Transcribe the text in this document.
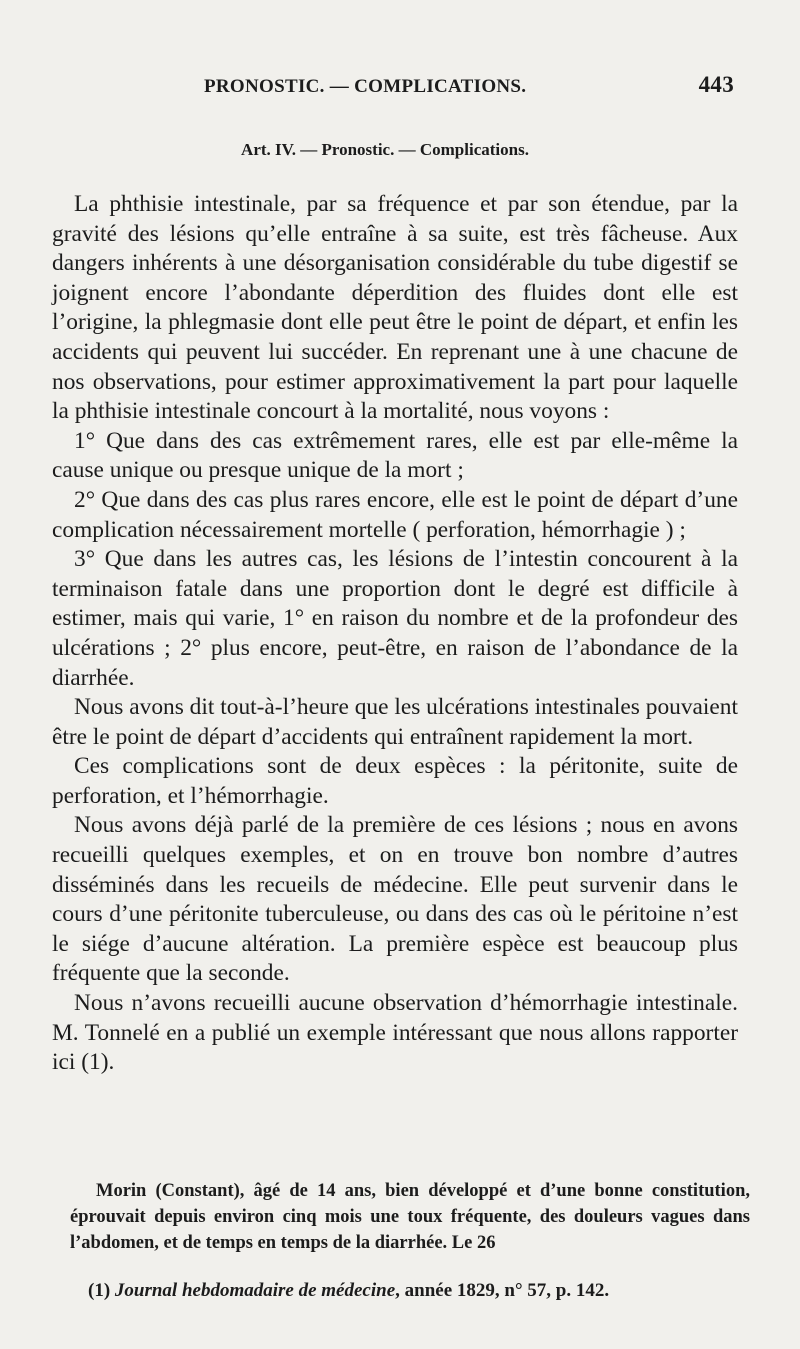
PRONOSTIC. — COMPLICATIONS.	443
Art. IV. — Pronostic. — Complications.

La phthisie intestinale, par sa fréquence et par son étendue, par la gravité des lésions qu’elle entraîne à sa suite, est très fâcheuse. Aux dangers inhérents à une désorganisation considérable du tube digestif se joignent encore l’abondante déperdition des fluides dont elle est l’origine, la phlegmasie dont elle peut être le point de départ, et enfin les accidents qui peuvent lui succéder. En reprenant une à une chacune de nos observations, pour estimer approximativement la part pour laquelle la phthisie intestinale concourt à la mortalité, nous voyons :

1° Que dans des cas extrêmement rares, elle est par elle-même la cause unique ou presque unique de la mort ;

2° Que dans des cas plus rares encore, elle est le point de départ d’une complication nécessairement mortelle ( perforation, hémorrhagie ) ;

3° Que dans les autres cas, les lésions de l’intestin concourent à la terminaison fatale dans une proportion dont le degré est difficile à estimer, mais qui varie, 1° en raison du nombre et de la profondeur des ulcérations ; 2° plus encore, peut-être, en raison de l’abondance de la diarrhée.

Nous avons dit tout-à-l’heure que les ulcérations intestinales pouvaient être le point de départ d’accidents qui entraînent rapidement la mort.

Ces complications sont de deux espèces : la péritonite, suite de perforation, et l’hémorrhagie.

Nous avons déjà parlé de la première de ces lésions ; nous en avons recueilli quelques exemples, et on en trouve bon nombre d’autres disséminés dans les recueils de médecine. Elle peut survenir dans le cours d’une péritonite tuberculeuse, ou dans des cas où le péritoine n’est le siége d’aucune altération. La première espèce est beaucoup plus fréquente que la seconde.

Nous n’avons recueilli aucune observation d’hémorrhagie intestinale. M. Tonnelé en a publié un exemple intéressant que nous allons rapporter ici (1).

Morin (Constant), âgé de 14 ans, bien développé et d’une bonne constitution, éprouvait depuis environ cinq mois une toux fréquente, des douleurs vagues dans l’abdomen, et de temps en temps de la diarrhée. Le 26

(1) Journal hebdomadaire de médecine, année 1829, n° 57, p. 142.
